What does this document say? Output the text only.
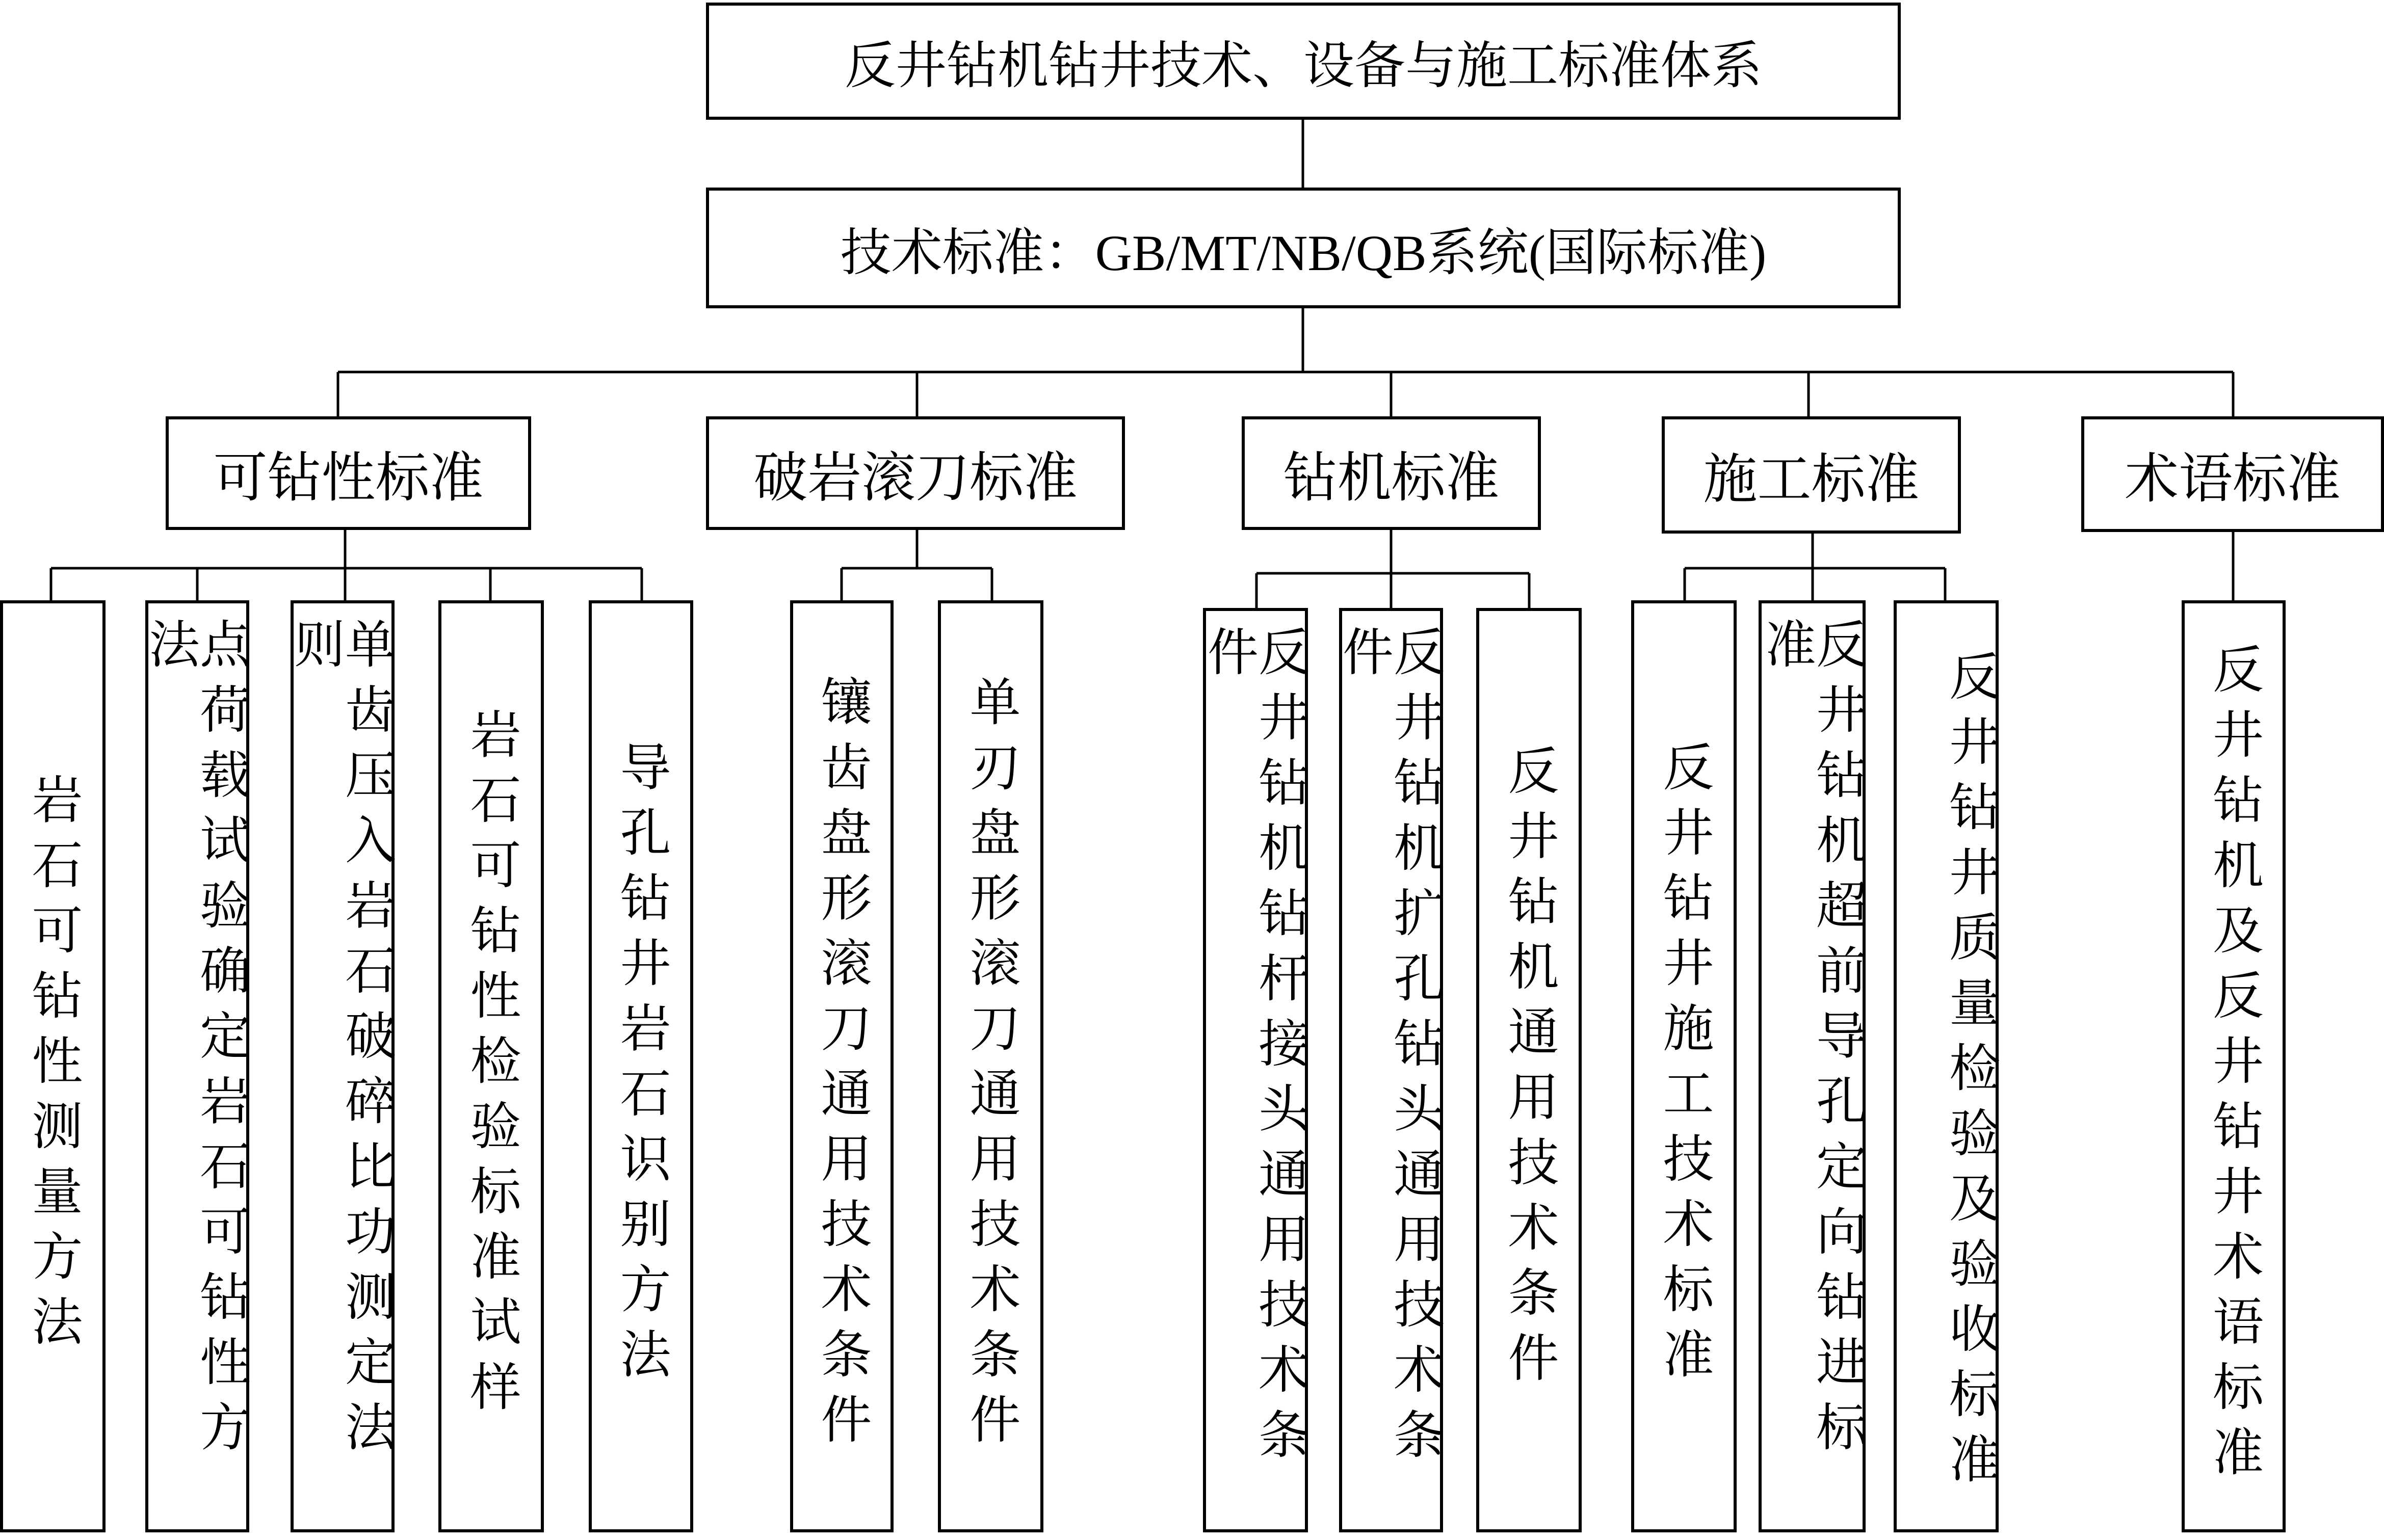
反井钻机钻井技术、设备与施工标准体系
技术标准：GB/MT/NB/QB系统(国际标准)
可钻性标准	破岩滚刀标准	钻机标准	施工标准	术语标准
岩石可钻性测量方法	点荷载试验确定岩石可钻性方法	单齿压入岩石破碎比功测定法则
岩石可钻性检验标准试样 导孔钻井岩石识别方法	镶齿盘形滚刀通用技术条件 单刃盘形滚刀通用技术条件	反井钻机钻杆接头通用技术条件	反井钻机扩孔钻头通用技术条件
反井钻机通用技术条件 反井钻井施工技术标准	反井钻机超前导孔定向钻进标准	反井钻井质量检验及验收标准	反井钻机及反井钻井术语标准
